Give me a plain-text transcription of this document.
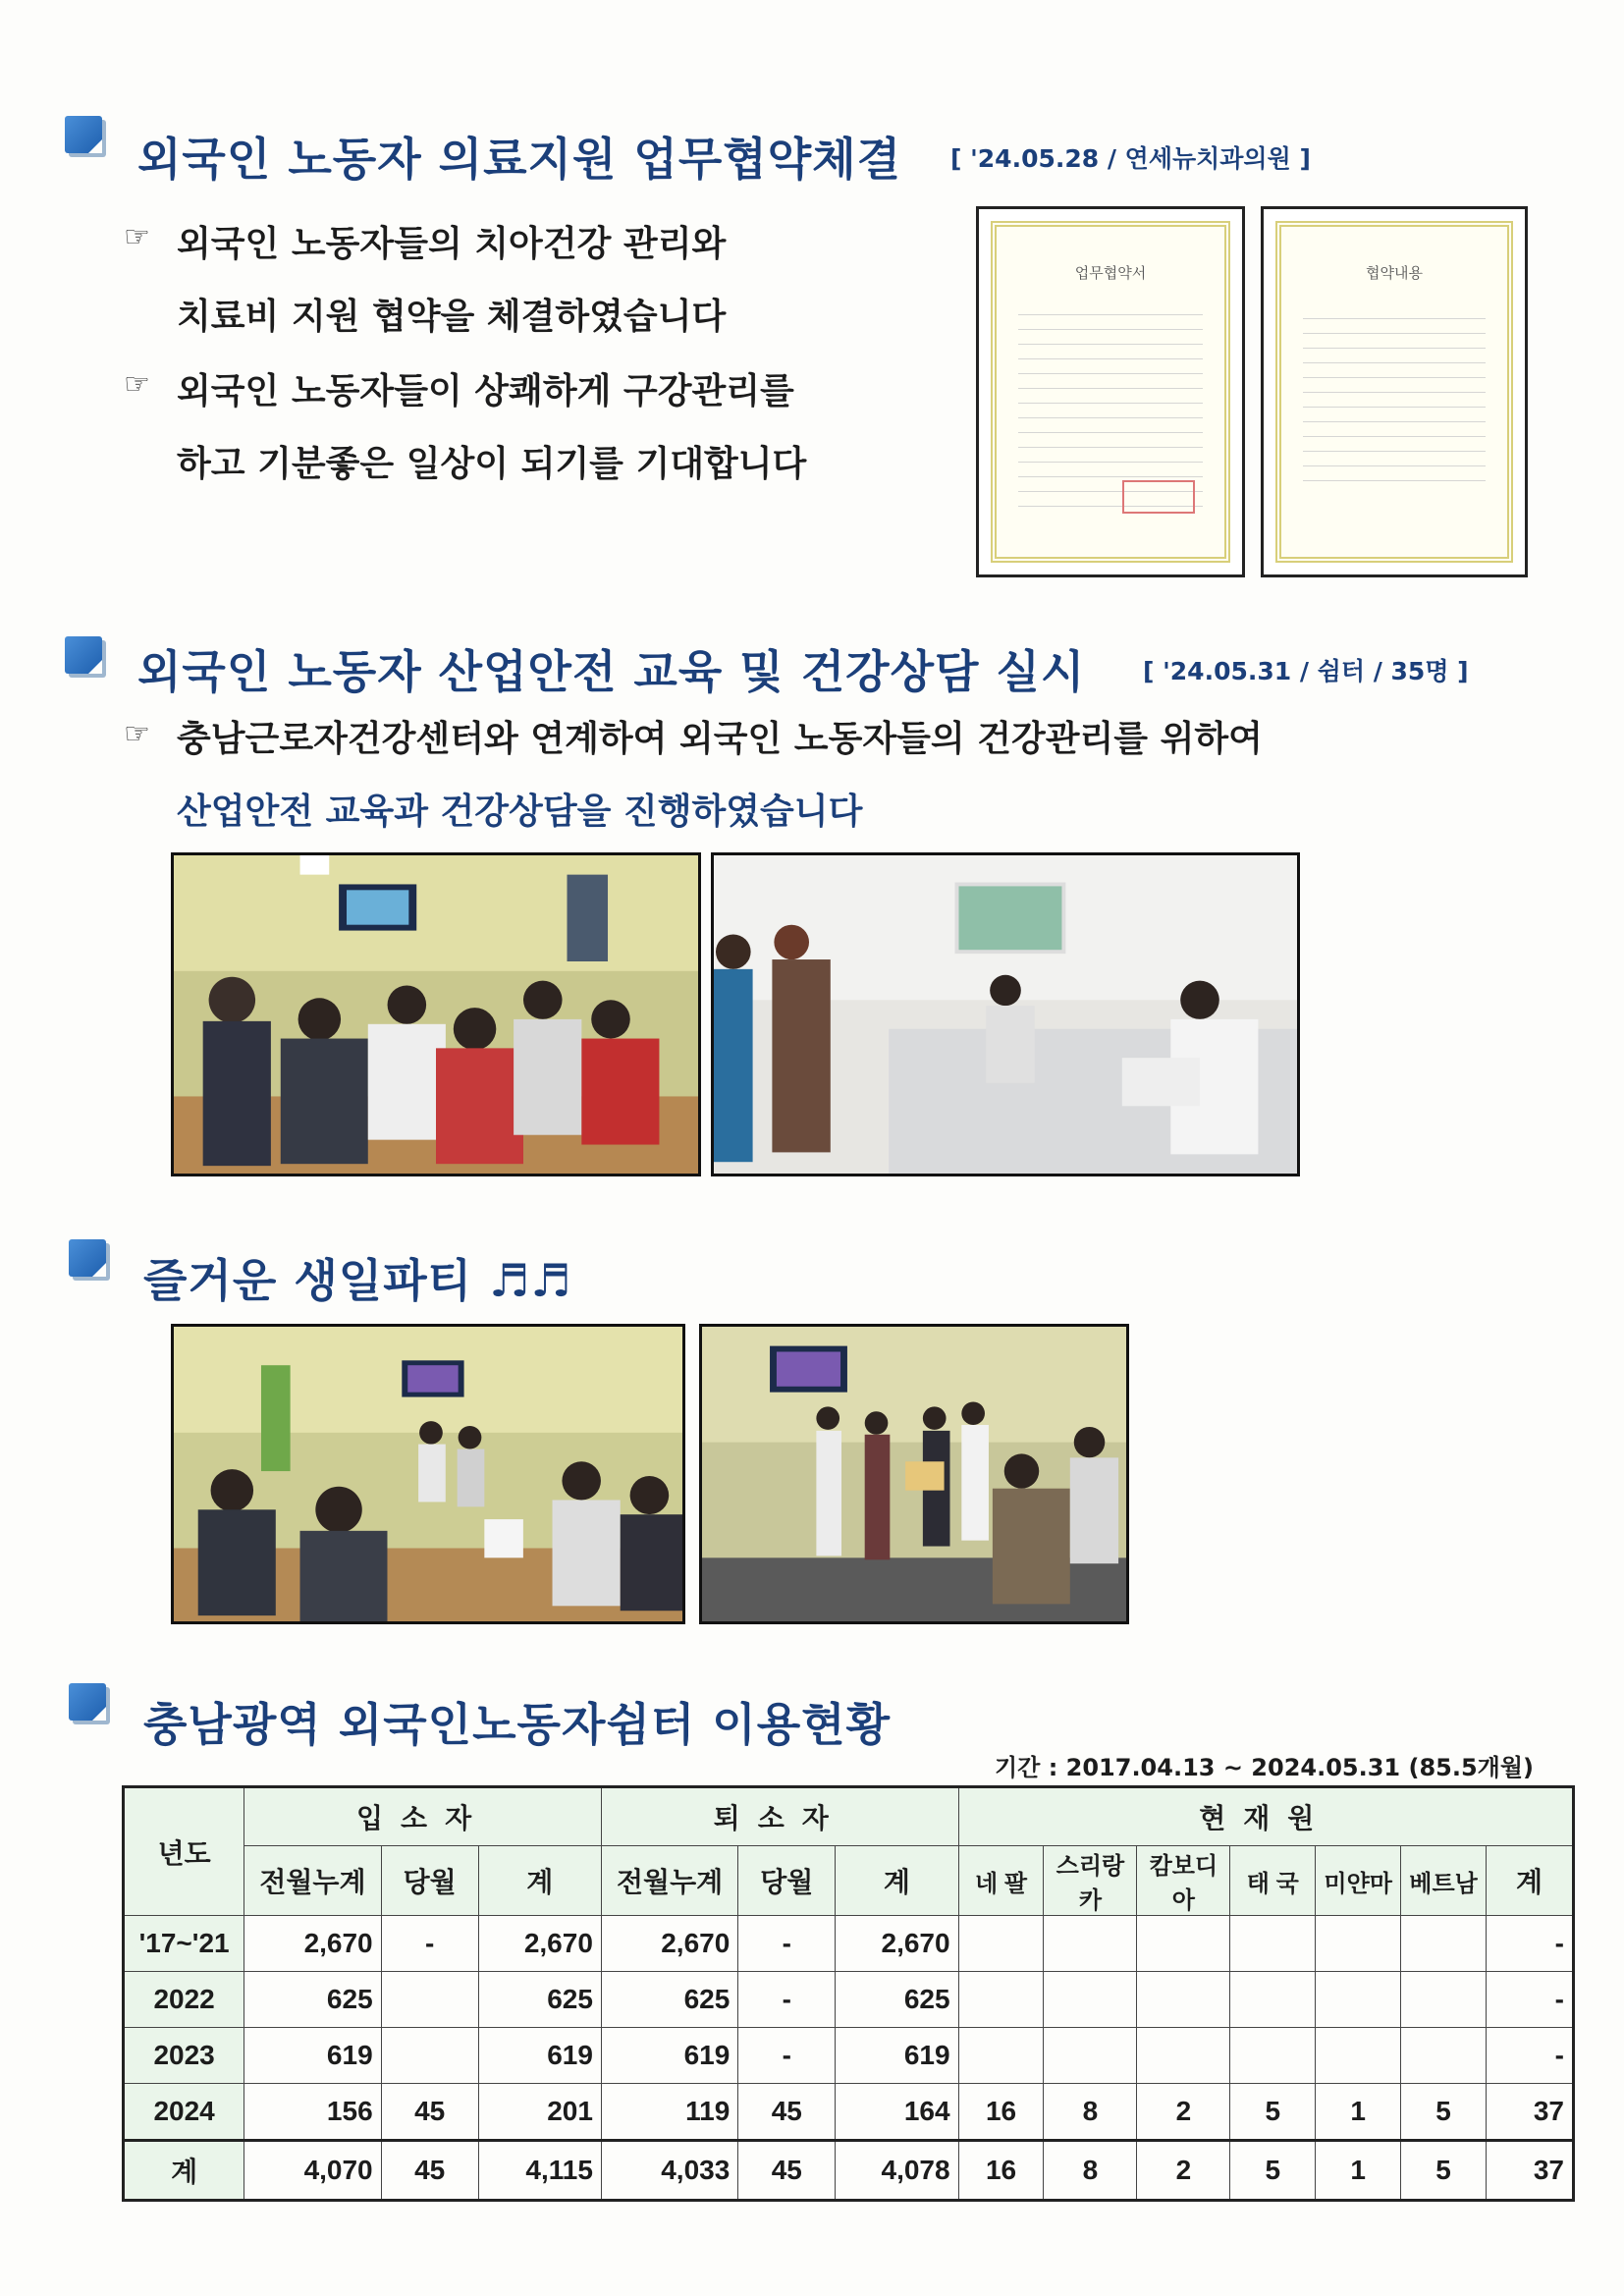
외국인 노동자 의료지원 업무협약체결 [ '24.05.28 / 연세뉴치과의원 ]
☞ 외국인 노동자들의 치아건강 관리와
치료비 지원 협약을 체결하였습니다
☞ 외국인 노동자들이 상쾌하게 구강관리를
하고 기분좋은 일상이 되기를 기대합니다
업무협약서	협약내용
외국인 노동자 산업안전 교육 및 건강상담 실시 [ '24.05.31 / 쉼터 / 35명 ]
☞ 충남근로자건강센터와 연계하여 외국인 노동자들의 건강관리를 위하여
산업안전 교육과 건강상담을 진행하였습니다
즐거운 생일파티 ♬♬
충남광역 외국인노동자쉼터 이용현황
기간 : 2017.04.13 ~ 2024.05.31 (85.5개월)
년도	입소자			퇴소자			현재원						
	전월누계	당월	계	전월누계	당월	계	네 팔	스리랑카	캄보디아	태 국	미얀마	베트남	계
'17~'21	2,670	-	2,670	2,670	-	2,670							-
2022	625		625	625	-	625							-
2023	619		619	619	-	619							-
2024	156	45	201	119	45	164	16	8	2	5	1	5	37
계	4,070	45	4,115	4,033	45	4,078	16	8	2	5	1	5	37
